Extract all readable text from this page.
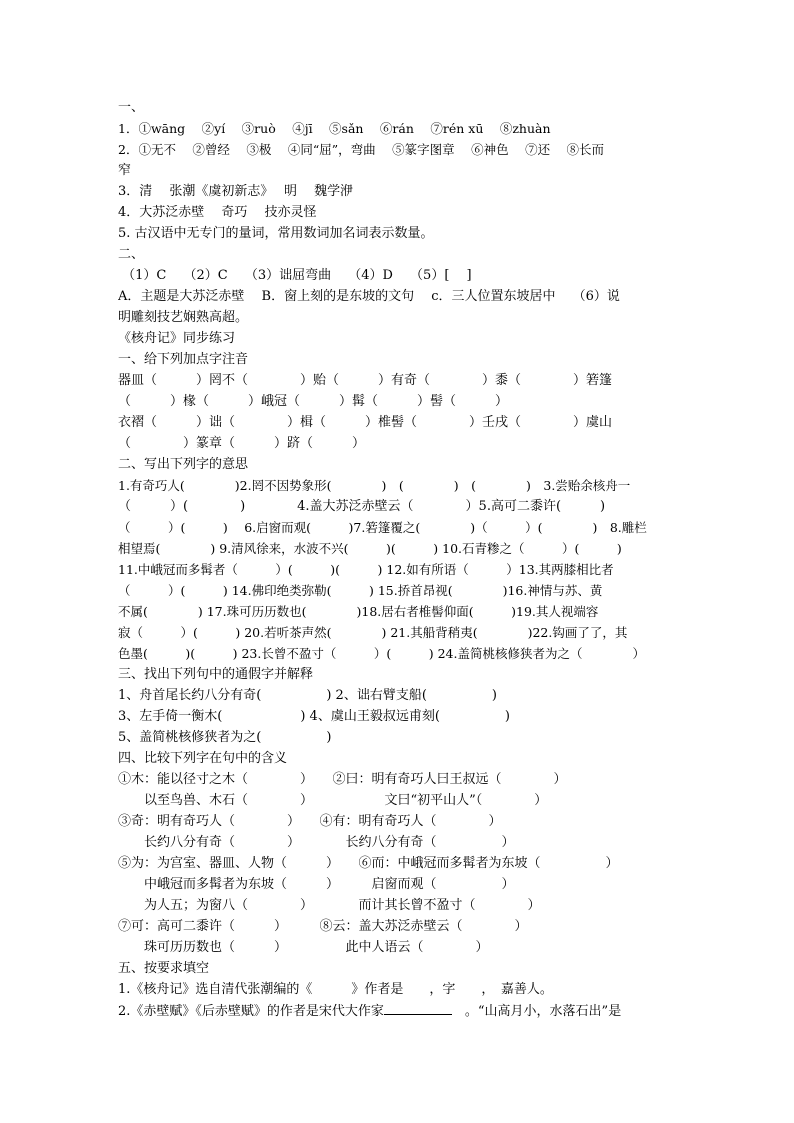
一、
1．①wāng　 ②yí　 ③ruò　 ④jī　 ⑤sǎn　 ⑥rán　 ⑦rén xū　 ⑧zhuàn
2．①无不　 ②曾经　 ③极　 ④同“屈”，弯曲　 ⑤篆字图章　 ⑥神色　 ⑦还　 ⑧长而
窄
3．清　 张潮《虞初新志》　 明　 魏学洢
4．大苏泛赤壁　 奇巧　 技亦灵怪
5. 古汉语中无专门的量词，常用数词加名词表示数量。
二、
（1）C　 （2）C　 （3）诎屈弯曲　 （4）D　 （5）[　 ]
A．主题是大苏泛赤壁　 B．窗上刻的是东坡的文句　 c．三人位置东坡居中　 （6）说
明雕刻技艺娴熟高超。
《核舟记》同步练习
一、给下列加点字注音
器皿（　　　）罔不（　　　　）贻（　　　）有奇（　　　　）黍（　　　　）箬篷
（　　　）椽（　　　）峨冠（　　　）髯（　　　）髻（　　　）
衣褶（　　　）诎（　　　　）楫（　　　）椎髻（　　　　）壬戌（　　　　）虞山
（　　　　）篆章（　　　）跻（　　　）
二、写出下列字的意思
1.有奇巧人(　　　　)2.罔不因势象形(　　　　)　(　　　　)　(　　　　)　3.尝贻余核舟一
（　　　）(　　　　)　　　　4.盖大苏泛赤壁云（　　　　）5.高可二黍许(　　　)
（　　　）(　　　)　 6.启窗而观(　　　)7.箬篷覆之(　　　　)（　　　）(　　　　)　8.雕栏
相望焉(　　　　) 9.清风徐来，水波不兴(　　　)(　　　) 10.石青糁之（　　　）(　　　)
11.中峨冠而多髯者（　　　）(　　　)(　　　) 12.如有所语（　　　）13.其两膝相比者
（　　　）(　　　) 14.佛印绝类弥勒(　　　) 15.挢首昂视(　　　　)16.神情与苏、黄
不属(　　　　) 17.珠可历历数也(　　　　)18.居右者椎髻仰面(　　　)19.其人视端容
寂（　　　）(　　　) 20.若听茶声然(　　　　) 21.其船背稍夷(　　　　)22.钩画了了，其
色墨(　　　)(　　　) 23.长曾不盈寸（　　　）(　　　) 24.盖简桃核修狭者为之（　　　　）
三、找出下列句中的通假字并解释
1、舟首尾长约八分有奇(　　　　　) 2、诎右臂支船(　　　　　)
3、左手倚一衡木(　　　　　　) 4、虞山王毅叔远甫刻(　　　　　)
5、盖简桃核修狭者为之(　　　　　)
四、比较下列字在句中的含义
①木：能以径寸之木（　　　　）　　②曰：明有奇巧人曰王叔远（　　　　）
　　以至鸟兽、木石（　　　　）　　　　　　文曰“初平山人”（　　　　）
③奇：明有奇巧人（　　　　）　　④有：明有奇巧人（　　　　）
　　长约八分有奇（　　　　）　　　　长约八分有奇（　　　　　）
⑤为：为宫室、器皿、人物（　　　）　　⑥而：中峨冠而多髯者为东坡（　　　　　）
　　中峨冠而多髯者为东坡（　　　）　　　启窗而观（　　　　　）
　　为人五；为窗八（　　　　）　　　　而计其长曾不盈寸（　　　　）
⑦可：高可二黍许（　　　）　　　⑧云：盖大苏泛赤壁云（　　　　）
　　珠可历历数也（　　　）　　　　　此中人语云（　　　　）
五、按要求填空
1.《核舟记》选自清代张潮编的《　　　》作者是　　，字　　，　嘉善人。
2.《赤壁赋》《后赤壁赋》的作者是宋代大作家	　。“山高月小，水落石出”是
